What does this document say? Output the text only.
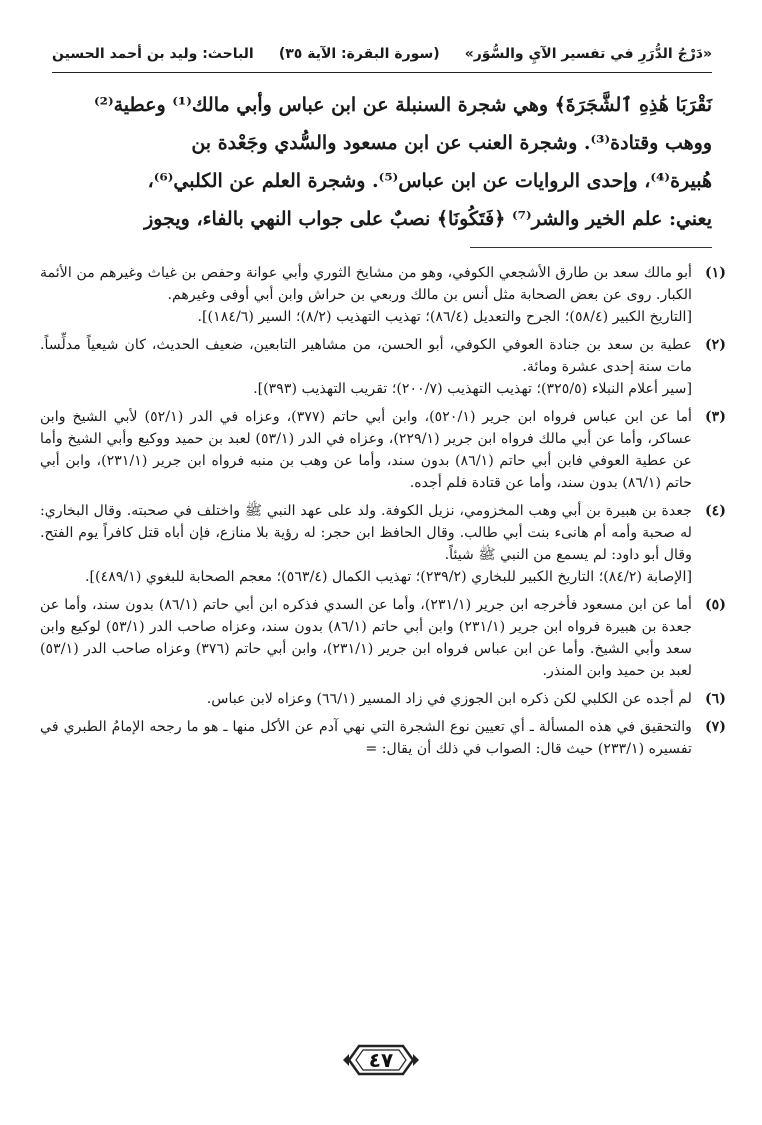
«دَرْجُ الدُّرَرِ في تفسير الآيِ والسُّوَر»
(سورة البقرة: الآية ٣٥)
الباحث: وليد بن أحمد الحسين

نَقْرَبَا هَٰذِهِ ٱلشَّجَرَةَ﴾ وهي شجرة السنبلة عن ابن عباس وأبي مالك⁽¹⁾ وعطية⁽²⁾

ووهب وقتادة⁽³⁾. وشجرة العنب عن ابن مسعود والسُّدي وجَعْدة بن

هُبيرة⁽⁴⁾، وإحدى الروايات عن ابن عباس⁽⁵⁾. وشجرة العلم عن الكلبي⁽⁶⁾،

يعني: علم الخير والشر⁽⁷⁾ ﴿فَتَكُونَا﴾ نصبٌ على جواب النهي بالفاء، ويجوز

(١)

أبو مالك سعد بن طارق الأشجعي الكوفي، وهو من مشايخ الثوري وأبي عوانة وحفص بن غياث وغيرهم من الأئمة الكبار. روى عن بعض الصحابة مثل أنس بن مالك وربعي بن حراش وابن أبي أوفى وغيرهم.

[التاريخ الكبير (٥٨/٤)؛ الجرح والتعديل (٨٦/٤)؛ تهذيب التهذيب (٨/٢)؛ السير (١٨٤/٦)].

(٢)

عطية بن سعد بن جنادة العوفي الكوفي، أبو الحسن، من مشاهير التابعين، ضعيف الحديث، كان شيعياً مدلِّساً. مات سنة إحدى عشرة ومائة.

[سير أعلام النبلاء (٣٢٥/٥)؛ تهذيب التهذيب (٢٠٠/٧)؛ تقريب التهذيب (٣٩٣)].

(٣)

أما عن ابن عباس فرواه ابن جرير (٥٢٠/١)، وابن أبي حاتم (٣٧٧)، وعزاه في الدر (٥٢/١) لأبي الشيخ وابن عساكر، وأما عن أبي مالك فرواه ابن جرير (٢٢٩/١)، وعزاه في الدر (٥٣/١) لعبد بن حميد ووكيع وأبي الشيخ وأما عن عطية العوفي فابن أبي حاتم (٨٦/١) بدون سند، وأما عن وهب بن منبه فرواه ابن جرير (٢٣١/١)، وابن أبي حاتم (٨٦/١) بدون سند، وأما عن قتادة فلم أجده.

(٤)

جعدة بن هبيرة بن أبي وهب المخزومي، نزيل الكوفة. ولد على عهد النبي ﷺ واختلف في صحبته. وقال البخاري: له صحبة وأمه أم هانىء بنت أبي طالب. وقال الحافظ ابن حجر: له رؤية بلا منازع، فإن أباه قتل كافراً يوم الفتح. وقال أبو داود: لم يسمع من النبي ﷺ شيئاً.

[الإصابة (٨٤/٢)؛ التاريخ الكبير للبخاري (٢٣٩/٢)؛ تهذيب الكمال (٥٦٣/٤)؛ معجم الصحابة للبغوي (٤٨٩/١)].

(٥)

أما عن ابن مسعود فأخرجه ابن جرير (٢٣١/١)، وأما عن السدي فذكره ابن أبي حاتم (٨٦/١) بدون سند، وأما عن جعدة بن هبيرة فرواه ابن جرير (٢٣١/١) وابن أبي حاتم (٨٦/١) بدون سند، وعزاه صاحب الدر (٥٣/١) لوكيع وابن سعد وأبي الشيخ. وأما عن ابن عباس فرواه ابن جرير (٢٣١/١)، وابن أبي حاتم (٣٧٦) وعزاه صاحب الدر (٥٣/١) لعبد بن حميد وابن المنذر.

(٦)

لم أجده عن الكلبي لكن ذكره ابن الجوزي في زاد المسير (٦٦/١) وعزاه لابن عباس.

(٧)

والتحقيق في هذه المسألة ـ أي تعيين نوع الشجرة التي نهي آدم عن الأكل منها ـ هو ما رجحه الإمامُ الطبري في تفسيره (٢٣٣/١) حيث قال: الصواب في ذلك أن يقال: =

٤٧
